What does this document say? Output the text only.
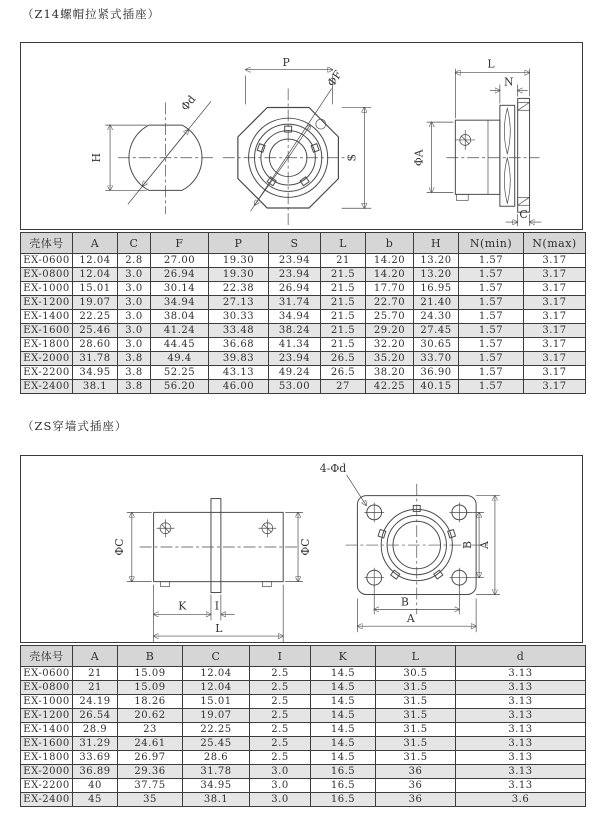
（Z14螺帽拉紧式插座）
H
Φd
ΦF
P
S
L
N
ΦA
C
壳体号	A	C	F	P	S	L	b	H	N(min)	N(max)
EX-0600	12.04	2.8	27.00	19.30	23.94	21	14.20	13.20	1.57	3.17
EX-0800	12.04	3.0	26.94	19.30	23.94	21.5	14.20	13.20	1.57	3.17
EX-1000	15.01	3.0	30.14	22.38	26.94	21.5	17.70	16.95	1.57	3.17
EX-1200	19.07	3.0	34.94	27.13	31.74	21.5	22.70	21.40	1.57	3.17
EX-1400	22.25	3.0	38.04	30.33	34.94	21.5	25.70	24.30	1.57	3.17
EX-1600	25.46	3.0	41.24	33.48	38.24	21.5	29.20	27.45	1.57	3.17
EX-1800	28.60	3.0	44.45	36.68	41.34	21.5	32.20	30.65	1.57	3.17
EX-2000	31.78	3.8	49.4	39.83	23.94	26.5	35.20	33.70	1.57	3.17
EX-2200	34.95	3.8	52.25	43.13	49.24	26.5	38.20	36.90	1.57	3.17
EX-2400	38.1	3.8	56.20	46.00	53.00	27	42.25	40.15	1.57	3.17
（ZS穿墙式插座）
ΦC	ΦC
K	I
L
4-Φd
B A
B
A
壳体号	A	B	C	I	K	L	d
EX-0600	21	15.09	12.04	2.5	14.5	30.5	3.13
EX-0800	21	15.09	12.04	2.5	14.5	31.5	3.13
EX-1000	24.19	18.26	15.01	2.5	14.5	31.5	3.13
EX-1200	26.54	20.62	19.07	2.5	14.5	31.5	3.13
EX-1400	28.9	23	22.25	2.5	14.5	31.5	3.13
EX-1600	31.29	24.61	25.45	2.5	14.5	31.5	3.13
EX-1800	33.69	26.97	28.6	2.5	14.5	31.5	3.13
EX-2000	36.89	29.36	31.78	3.0	16.5	36	3.13
EX-2200	40	37.75	34.95	3.0	16.5	36	3.13
EX-2400	45	35	38.1	3.0	16.5	36	3.6
